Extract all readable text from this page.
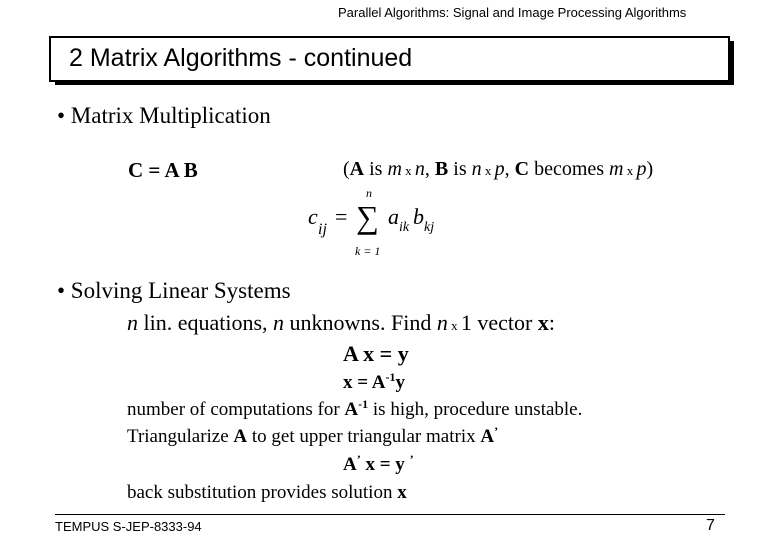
Parallel Algorithms: Signal and Image Processing Algorithms
2 Matrix Algorithms - continued
• Matrix Multiplication
C = A B	(A is m x n, B is n x p, C becomes m x p)
c
ij
= ∑
n
k = 1
a ik b kj
• Solving Linear Systems
n lin. equations, n unknowns. Find n x 1 vector x:
A x = y
$x = A^{-1}y$
number of computations for $A^{-1}$ is high, procedure unstable.
Triangularize A to get upper triangular matrix A’
A’ x = y ’
back substitution provides solution x
TEMPUS S-JEP-8333-94	7
